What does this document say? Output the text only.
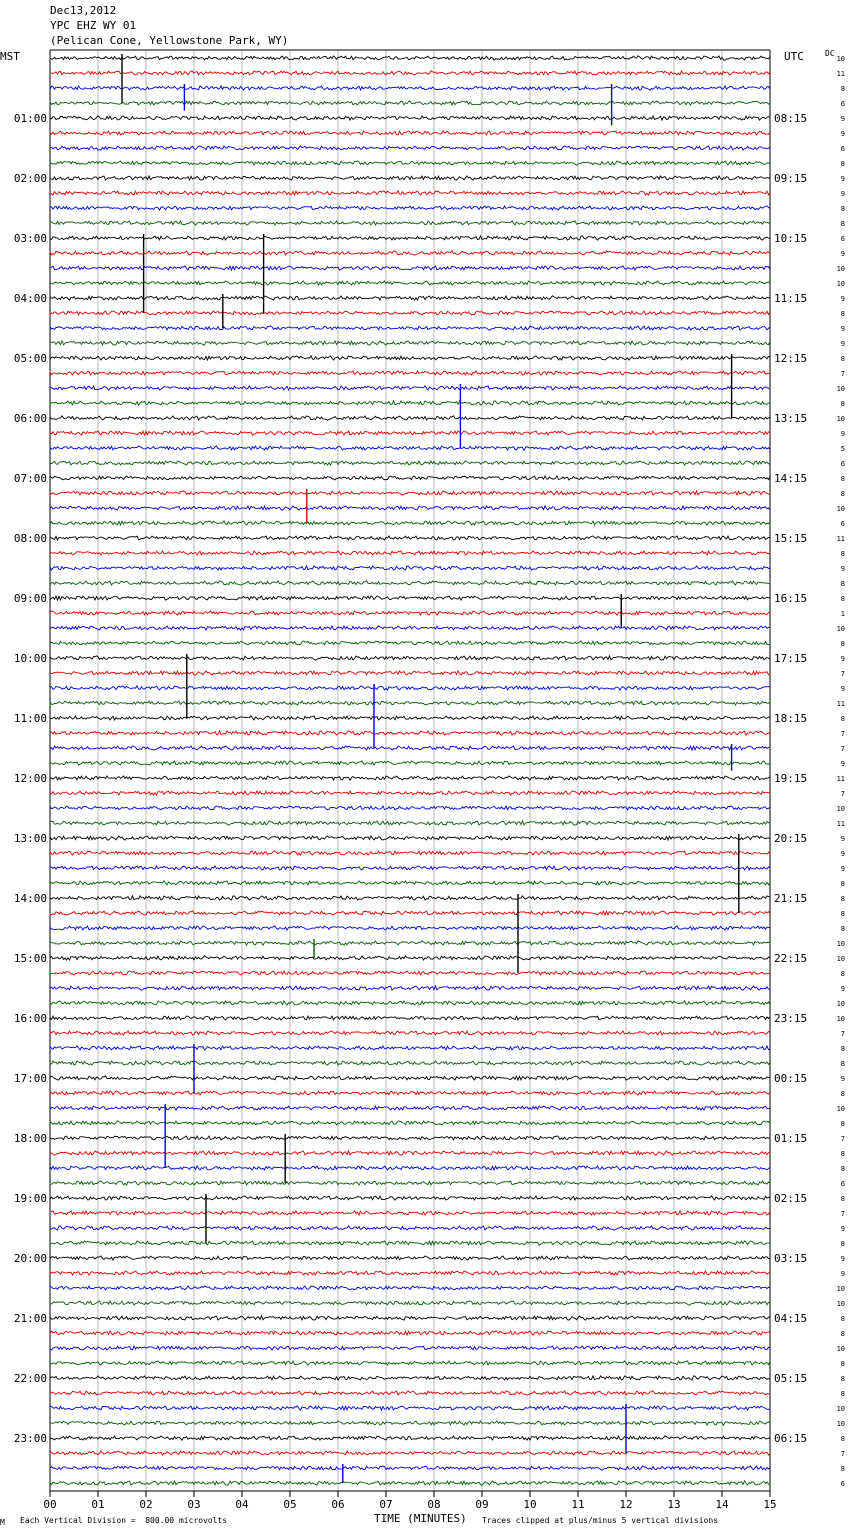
Dec13,2012
YPC EHZ WY 01
(Pelican Cone, Yellowstone Park, WY)
MST	UTC	DC
01:00	08:15
02:00	09:15
03:00	10:15
04:00	11:15
05:00	12:15
06:00	13:15
07:00	14:15
08:00	15:15
09:00	16:15
10:00	17:15
11:00	18:15
12:00	19:15
13:00	20:15
14:00	21:15
15:00	22:15
16:00	23:15
17:00	00:15
18:00	01:15
19:00	02:15
20:00	03:15
21:00	04:15
22:00	05:15
23:00	06:15
10
11
8
6
9
9
6
8
9
9
8
8
6
9
10
10
9
8
9
9
8
7
10
8
10
9
5
6
8
8
10
6
11
8
9
8
8
1
10
8
9
7
9
11
8
7
7
9
11
7
10
11
9
9
9
8
8
8
8
10
10
8
9
10
10
7
8
8
9
8
10
8
7
8
8
6
8
7
9
8
9
9
10
10
8
8
10
8
8
8
10
10
8
7
8
6
00	01	02	03	04	05	06	07	08	09	10	11	12	13	14	15
M Each Vertical Division =  800.00 microvolts	TIME (MINUTES) Traces clipped at plus/minus 5 vertical divisions
